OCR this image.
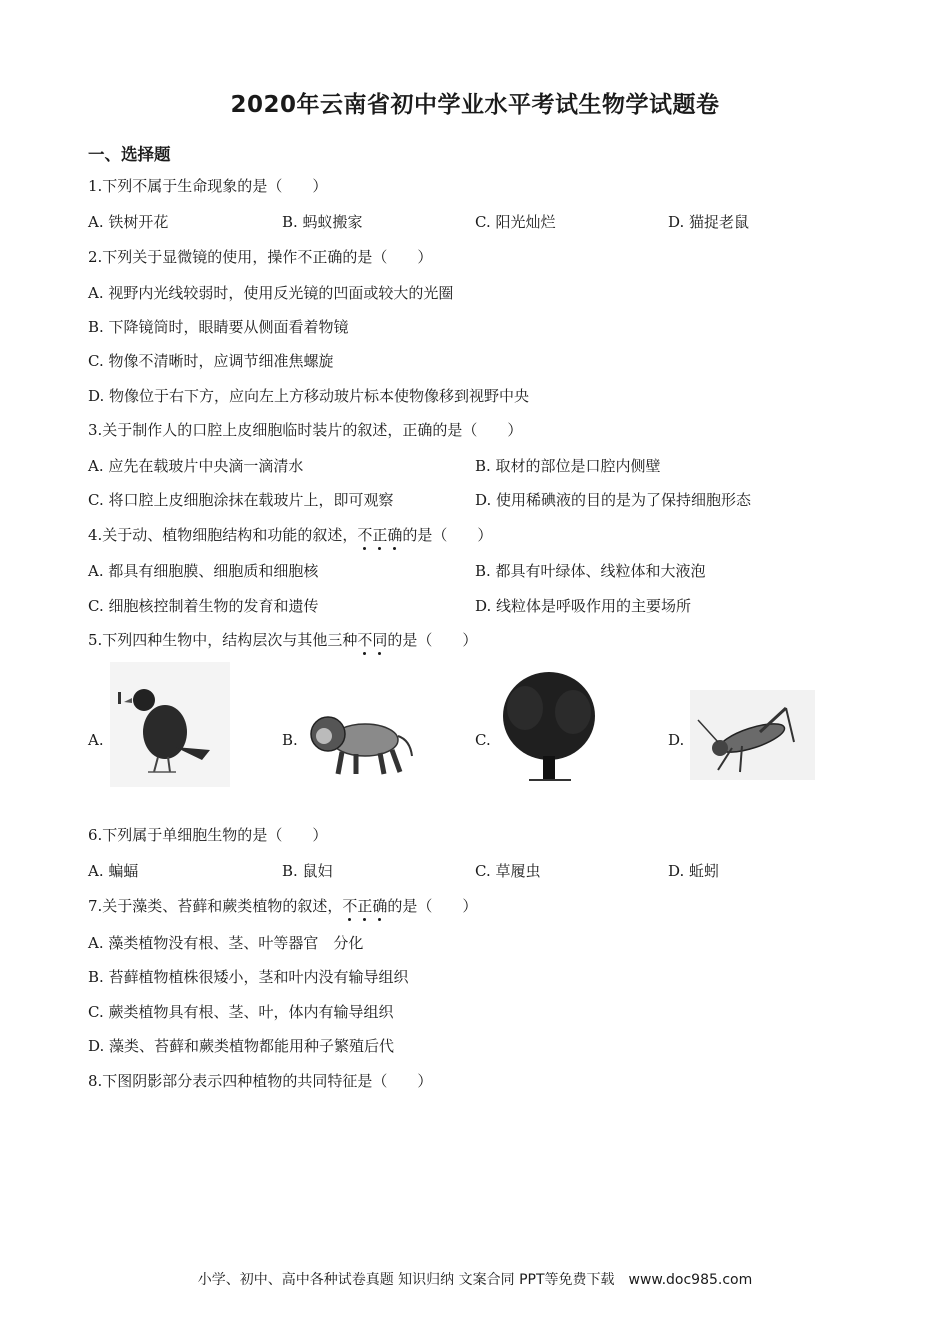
2020年云南省初中学业水平考试生物学试题卷
一、选择题
1.下列不属于生命现象的是（　　）
A. 铁树开花	B. 蚂蚁搬家	C. 阳光灿烂	D. 猫捉老鼠
2.下列关于显微镜的使用，操作不正确的是（　　）
A. 视野内光线较弱时，使用反光镜的凹面或较大的光圈
B. 下降镜筒时，眼睛要从侧面看着物镜
C. 物像不清晰时，应调节细准焦螺旋
D. 物像位于右下方，应向左上方移动玻片标本使物像移到视野中央
3.关于制作人的口腔上皮细胞临时装片的叙述，正确的是（　　）
A. 应先在载玻片中央滴一滴清水	B. 取材的部位是口腔内侧壁
C. 将口腔上皮细胞涂抹在载玻片上，即可观察	D. 使用稀碘液的目的是为了保持细胞形态
4.关于动、植物细胞结构和功能的叙述，不正确的是（　　）
A. 都具有细胞膜、细胞质和细胞核	B. 都具有叶绿体、线粒体和大液泡
C. 细胞核控制着生物的发育和遗传	D. 线粒体是呼吸作用的主要场所
5.下列四种生物中，结构层次与其他三种不同的是（　　）
A.	B.	C.	D.
6.下列属于单细胞生物的是（　　）
A. 蝙蝠	B. 鼠妇	C. 草履虫	D. 蚯蚓
7.关于藻类、苔藓和蕨类植物的叙述，不正确的是（　　）
A. 藻类植物没有根、茎、叶等器官　分化
B. 苔藓植物植株很矮小，茎和叶内没有输导组织
C. 蕨类植物具有根、茎、叶，体内有输导组织
D. 藻类、苔藓和蕨类植物都能用种子繁殖后代
8.下图阴影部分表示四种植物的共同特征是（　　）
小学、初中、高中各种试卷真题 知识归纳 文案合同 PPT等免费下载　www.doc985.com
